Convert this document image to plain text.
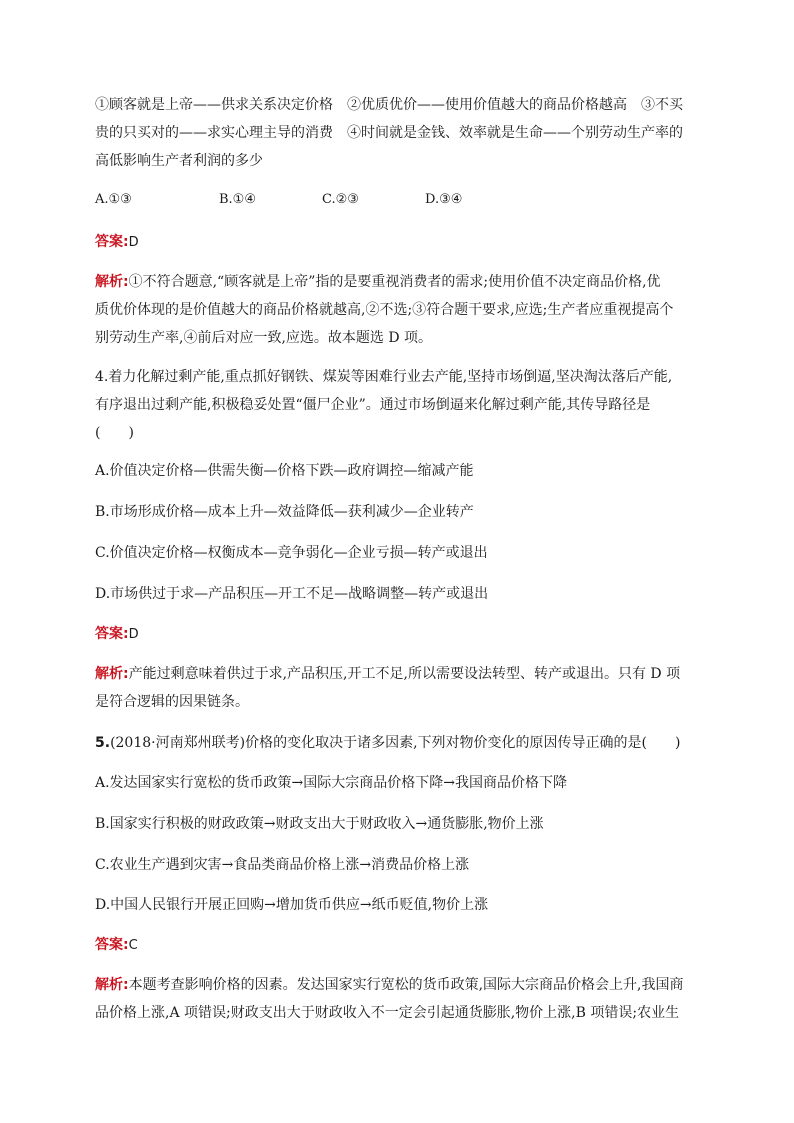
①顾客就是上帝——供求关系决定价格　②优质优价——使用价值越大的商品价格越高　③不买
贵的只买对的——求实心理主导的消费　④时间就是金钱、效率就是生命——个别劳动生产率的
高低影响生产者利润的多少
A.①③	B.①④	C.②③	D.③④
答案:D
解析:①不符合题意,“顾客就是上帝”指的是要重视消费者的需求;使用价值不决定商品价格,优
质优价体现的是价值越大的商品价格就越高,②不选;③符合题干要求,应选;生产者应重视提高个
别劳动生产率,④前后对应一致,应选。故本题选 D 项。
4.着力化解过剩产能,重点抓好钢铁、煤炭等困难行业去产能,坚持市场倒逼,坚决淘汰落后产能,
有序退出过剩产能,积极稳妥处置“僵尸企业”。通过市场倒逼来化解过剩产能,其传导路径是
(　　)
A.价值决定价格—供需失衡—价格下跌—政府调控—缩减产能
B.市场形成价格—成本上升—效益降低—获利减少—企业转产
C.价值决定价格—权衡成本—竞争弱化—企业亏损—转产或退出
D.市场供过于求—产品积压—开工不足—战略调整—转产或退出
答案:D
解析:产能过剩意味着供过于求,产品积压,开工不足,所以需要设法转型、转产或退出。只有 D 项
是符合逻辑的因果链条。
5.(2018·河南郑州联考)价格的变化取决于诸多因素,下列对物价变化的原因传导正确的是(　　)
A.发达国家实行宽松的货币政策→国际大宗商品价格下降→我国商品价格下降
B.国家实行积极的财政政策→财政支出大于财政收入→通货膨胀,物价上涨
C.农业生产遇到灾害→食品类商品价格上涨→消费品价格上涨
D.中国人民银行开展正回购→增加货币供应→纸币贬值,物价上涨
答案:C
解析:本题考查影响价格的因素。发达国家实行宽松的货币政策,国际大宗商品价格会上升,我国商
品价格上涨,A 项错误;财政支出大于财政收入不一定会引起通货膨胀,物价上涨,B 项错误;农业生
